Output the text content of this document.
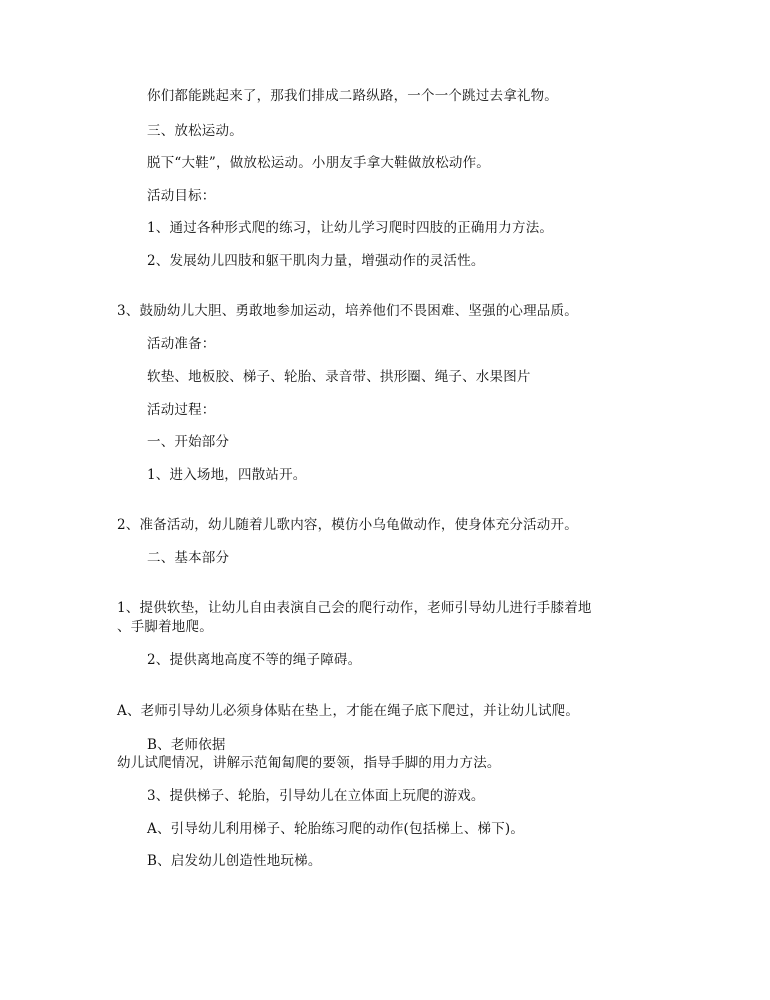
你们都能跳起来了，那我们排成二路纵路，一个一个跳过去拿礼物。

三、放松运动。

脱下“大鞋”，做放松运动。小朋友手拿大鞋做放松动作。

活动目标：

1、通过各种形式爬的练习，让幼儿学习爬时四肢的正确用力方法。

2、发展幼儿四肢和躯干肌肉力量，增强动作的灵活性。

3、鼓励幼儿大胆、勇敢地参加运动，培养他们不畏困难、坚强的心理品质。

活动准备：

软垫、地板胶、梯子、轮胎、录音带、拱形圈、绳子、水果图片

活动过程：

一、开始部分

1、进入场地，四散站开。

2、准备活动，幼儿随着儿歌内容，模仿小乌龟做动作，使身体充分活动开。

二、基本部分

1、提供软垫，让幼儿自由表演自己会的爬行动作，老师引导幼儿进行手膝着地

、手脚着地爬。

2、提供离地高度不等的绳子障碍。

A、老师引导幼儿必须身体贴在垫上，才能在绳子底下爬过，并让幼儿试爬。

B、老师依据

幼儿试爬情况，讲解示范匍匐爬的要领，指导手脚的用力方法。

3、提供梯子、轮胎，引导幼儿在立体面上玩爬的游戏。

A、引导幼儿利用梯子、轮胎练习爬的动作(包括梯上、梯下)。

B、启发幼儿创造性地玩梯。
